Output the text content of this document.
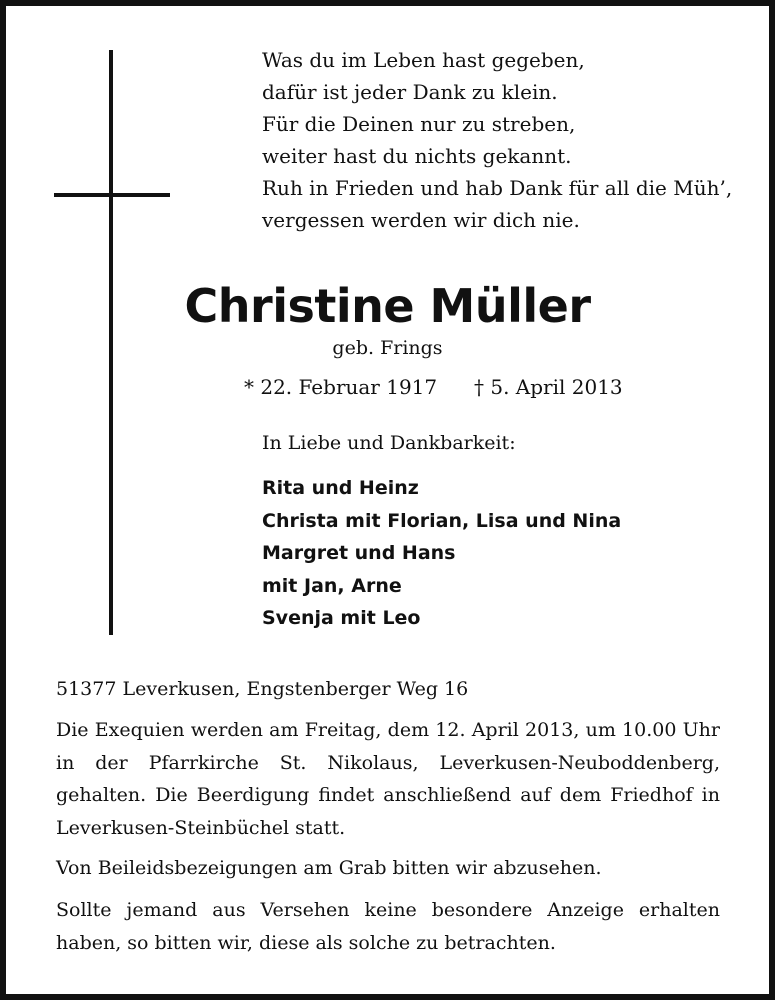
Was du im Leben hast gegeben,
dafür ist jeder Dank zu klein.
Für die Deinen nur zu streben,
weiter hast du nichts gekannt.
Ruh in Frieden und hab Dank für all die Müh’,
vergessen werden wir dich nie.
Christine Müller
geb. Frings
* 22. Februar 1917 † 5. April 2013
In Liebe und Dankbarkeit:
Rita und Heinz
Christa mit Florian, Lisa und Nina
Margret und Hans
mit Jan, Arne
Svenja mit Leo
51377 Leverkusen, Engstenberger Weg 16

Die Exequien werden am Freitag, dem 12. April 2013, um 10.00 Uhr in der Pfarrkirche St. Nikolaus, Leverkusen-Neuboddenberg, gehalten. Die Beerdigung findet anschließend auf dem Friedhof in Leverkusen-Steinbüchel statt.

Von Beileidsbezeigungen am Grab bitten wir abzusehen.

Sollte jemand aus Versehen keine besondere Anzeige erhalten haben, so bitten wir, diese als solche zu betrachten.
